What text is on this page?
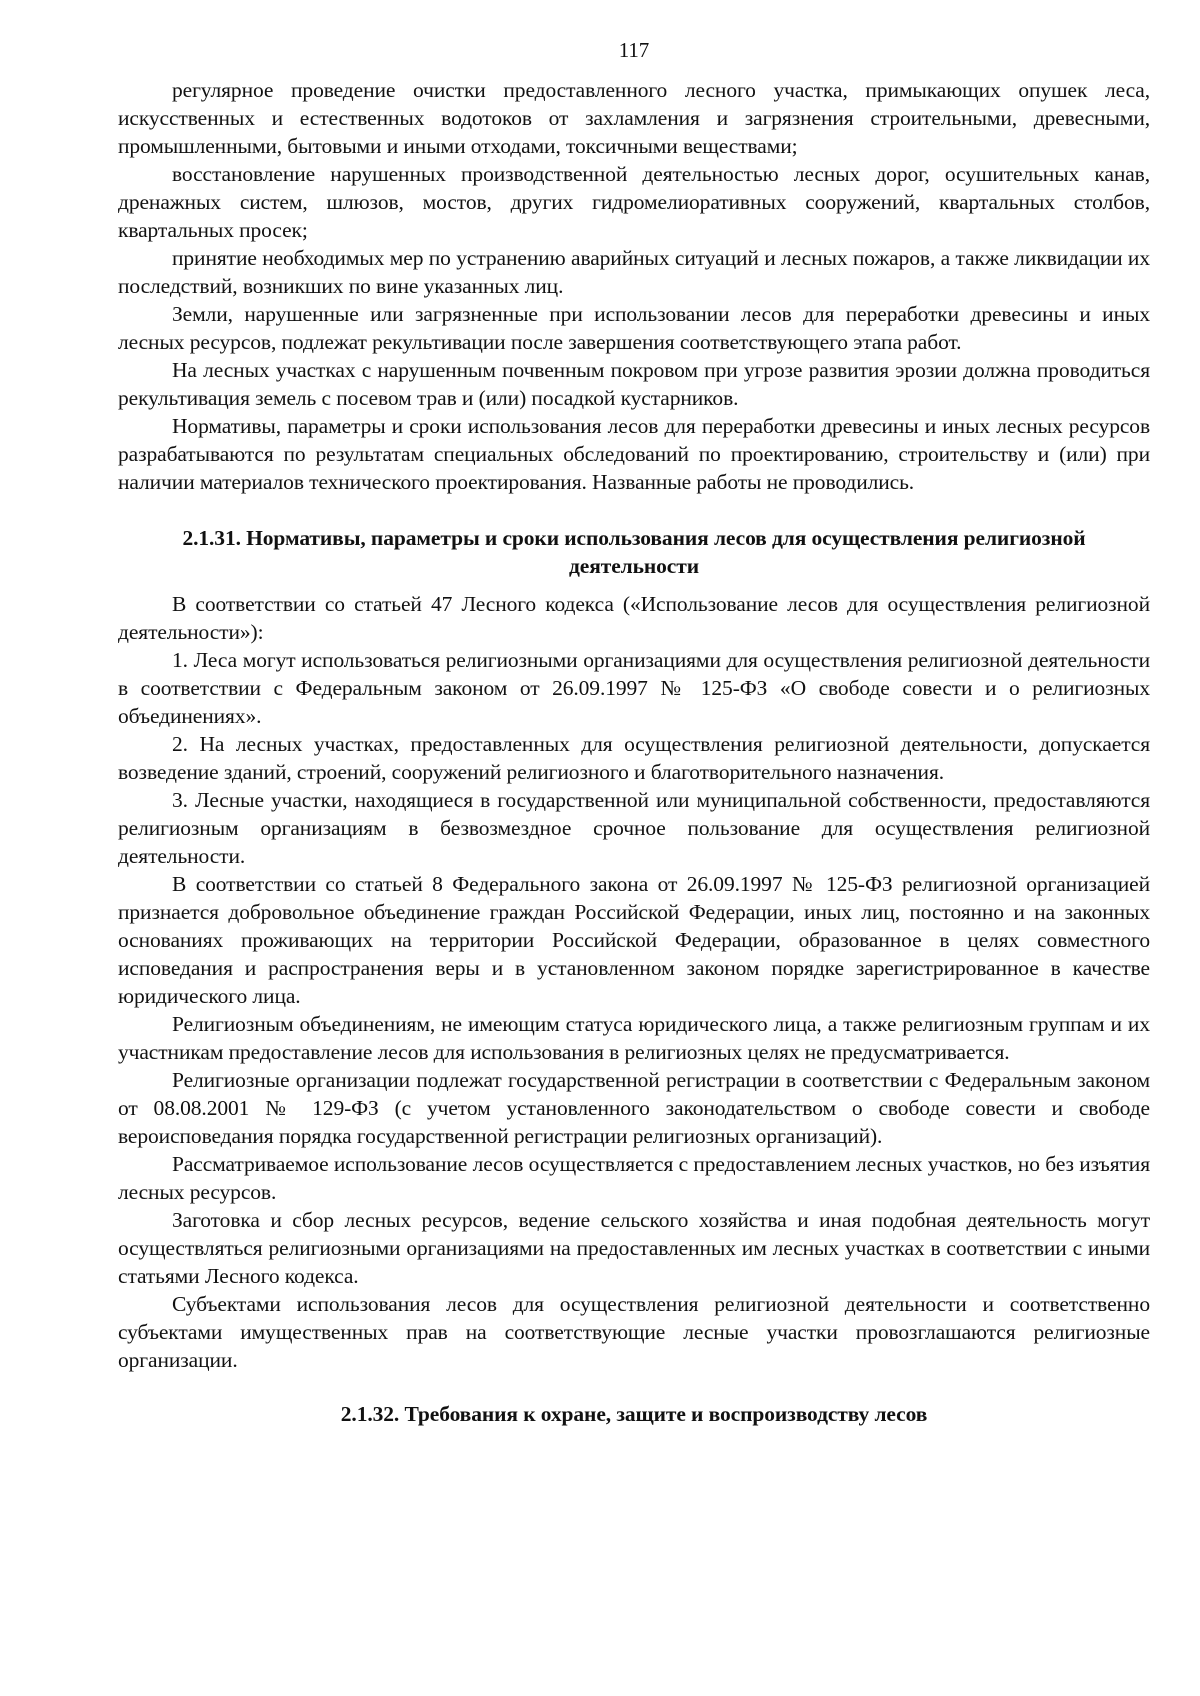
117

регулярное проведение очистки предоставленного лесного участка, примыкающих опушек леса, искусственных и естественных водотоков от захламления и загрязнения строительными, древесными, промышленными, бытовыми и иными отходами, токсичными веществами;

восстановление нарушенных производственной деятельностью лесных дорог, осушительных канав, дренажных систем, шлюзов, мостов, других гидромелиоративных сооружений, квартальных столбов, квартальных просек;

принятие необходимых мер по устранению аварийных ситуаций и лесных пожаров, а также ликвидации их последствий, возникших по вине указанных лиц.

Земли, нарушенные или загрязненные при использовании лесов для переработки древесины и иных лесных ресурсов, подлежат рекультивации после завершения соответствующего этапа работ.

На лесных участках с нарушенным почвенным покровом при угрозе развития эрозии должна проводиться рекультивация земель с посевом трав и (или) посадкой кустарников.

Нормативы, параметры и сроки использования лесов для переработки древесины и иных лесных ресурсов разрабатываются по результатам специальных обследований по проектированию, строительству и (или) при наличии материалов технического проектирования. Названные работы не проводились.

2.1.31. Нормативы, параметры и сроки использования лесов для осуществления религиозной деятельности

В соответствии со статьей 47 Лесного кодекса («Использование лесов для осуществления религиозной деятельности»):

1. Леса могут использоваться религиозными организациями для осуществления религиозной деятельности в соответствии с Федеральным законом от 26.09.1997 № 125-ФЗ «О свободе совести и о религиозных объединениях».

2. На лесных участках, предоставленных для осуществления религиозной деятельности, допускается возведение зданий, строений, сооружений религиозного и благотворительного назначения.

3. Лесные участки, находящиеся в государственной или муниципальной собственности, предоставляются религиозным организациям в безвозмездное срочное пользование для осуществления религиозной деятельности.

В соответствии со статьей 8 Федерального закона от 26.09.1997 № 125-ФЗ религиозной организацией признается добровольное объединение граждан Российской Федерации, иных лиц, постоянно и на законных основаниях проживающих на территории Российской Федерации, образованное в целях совместного исповедания и распространения веры и в установленном законом порядке зарегистрированное в качестве юридического лица.

Религиозным объединениям, не имеющим статуса юридического лица, а также религиозным группам и их участникам предоставление лесов для использования в религиозных целях не предусматривается.

Религиозные организации подлежат государственной регистрации в соответствии с Федеральным законом от 08.08.2001 № 129-ФЗ (с учетом установленного законодательством о свободе совести и свободе вероисповедания порядка государственной регистрации религиозных организаций).

Рассматриваемое использование лесов осуществляется с предоставлением лесных участков, но без изъятия лесных ресурсов.

Заготовка и сбор лесных ресурсов, ведение сельского хозяйства и иная подобная деятельность могут осуществляться религиозными организациями на предоставленных им лесных участках в соответствии с иными статьями Лесного кодекса.

Субъектами использования лесов для осуществления религиозной деятельности и соответственно субъектами имущественных прав на соответствующие лесные участки провозглашаются религиозные организации.

2.1.32. Требования к охране, защите и воспроизводству лесов
